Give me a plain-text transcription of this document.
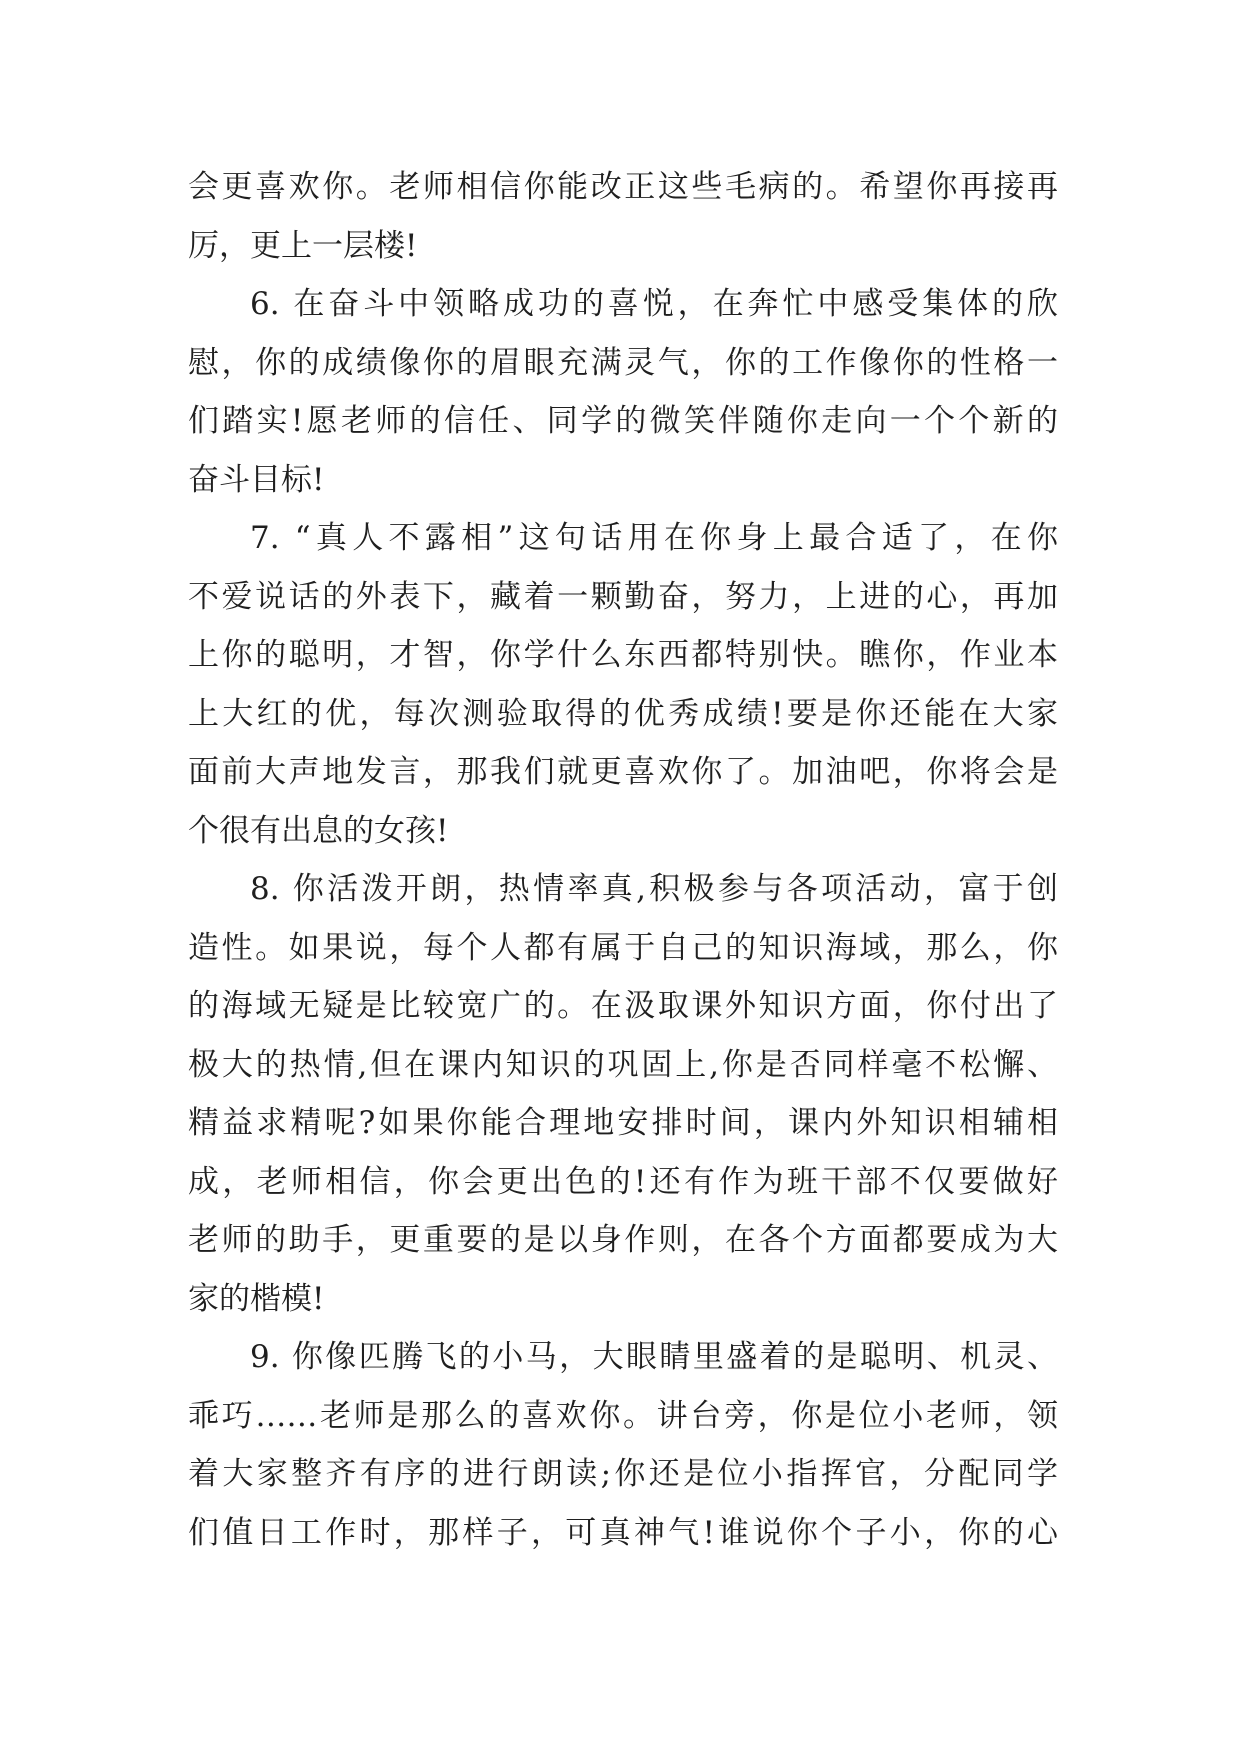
会更喜欢你。老师相信你能改正这些毛病的。希望你再接再
厉，更上一层楼!
6. 在奋斗中领略成功的喜悦，在奔忙中感受集体的欣
慰，你的成绩像你的眉眼充满灵气，你的工作像你的性格一
们踏实!愿老师的信任、同学的微笑伴随你走向一个个新的
奋斗目标!
7. “真人不露相”这句话用在你身上最合适了，在你
不爱说话的外表下，藏着一颗勤奋，努力，上进的心，再加
上你的聪明，才智，你学什么东西都特别快。瞧你，作业本
上大红的优，每次测验取得的优秀成绩!要是你还能在大家
面前大声地发言，那我们就更喜欢你了。加油吧，你将会是
个很有出息的女孩!
8. 你活泼开朗，热情率真,积极参与各项活动，富于创
造性。如果说，每个人都有属于自己的知识海域，那么，你
的海域无疑是比较宽广的。在汲取课外知识方面，你付出了
极大的热情,但在课内知识的巩固上,你是否同样毫不松懈、
精益求精呢?如果你能合理地安排时间，课内外知识相辅相
成，老师相信，你会更出色的!还有作为班干部不仅要做好
老师的助手，更重要的是以身作则，在各个方面都要成为大
家的楷模!
9. 你像匹腾飞的小马，大眼睛里盛着的是聪明、机灵、
乖巧……老师是那么的喜欢你。讲台旁，你是位小老师，领
着大家整齐有序的进行朗读;你还是位小指挥官，分配同学
们值日工作时，那样子，可真神气!谁说你个子小，你的心
